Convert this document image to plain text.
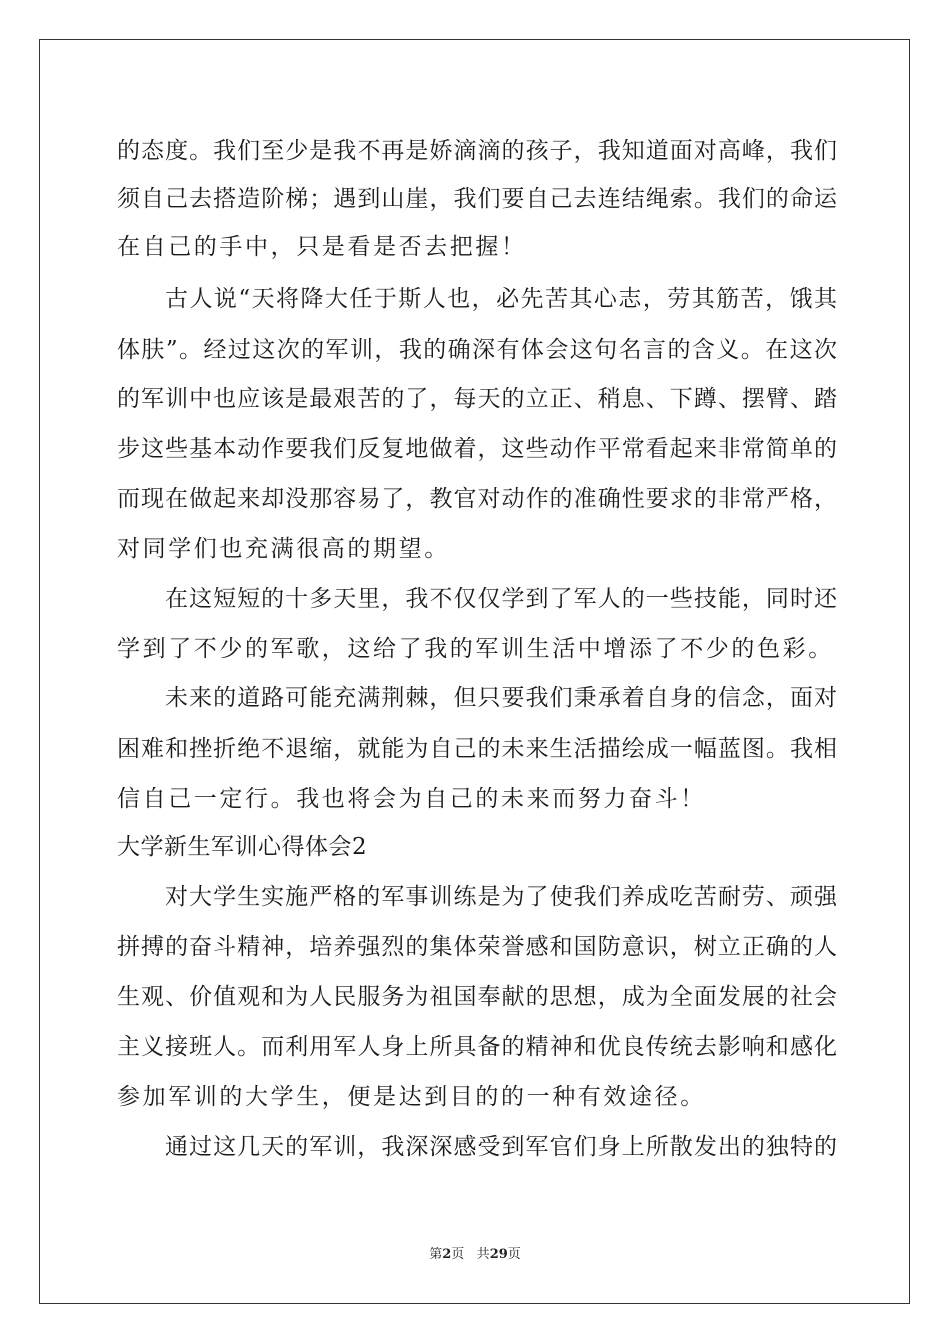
的态度。我们至少是我不再是娇滴滴的孩子，我知道面对高峰，我们
须自己去搭造阶梯；遇到山崖，我们要自己去连结绳索。我们的命运
在自己的手中，只是看是否去把握！
古人说“天将降大任于斯人也，必先苦其心志，劳其筋苦，饿其
体肤”。经过这次的军训，我的确深有体会这句名言的含义。在这次
的军训中也应该是最艰苦的了，每天的立正、稍息、下蹲、摆臂、踏
步这些基本动作要我们反复地做着，这些动作平常看起来非常简单的
而现在做起来却没那容易了，教官对动作的准确性要求的非常严格，
对同学们也充满很高的期望。
在这短短的十多天里，我不仅仅学到了军人的一些技能，同时还
学到了不少的军歌，这给了我的军训生活中增添了不少的色彩。
未来的道路可能充满荆棘，但只要我们秉承着自身的信念，面对
困难和挫折绝不退缩，就能为自己的未来生活描绘成一幅蓝图。我相
信自己一定行。我也将会为自己的未来而努力奋斗！
大学新生军训心得体会2
对大学生实施严格的军事训练是为了使我们养成吃苦耐劳、顽强
拼搏的奋斗精神，培养强烈的集体荣誉感和国防意识，树立正确的人
生观、价值观和为人民服务为祖国奉献的思想，成为全面发展的社会
主义接班人。而利用军人身上所具备的精神和优良传统去影响和感化
参加军训的大学生，便是达到目的的一种有效途径。
通过这几天的军训，我深深感受到军官们身上所散发出的独特的
第2页 共29页
